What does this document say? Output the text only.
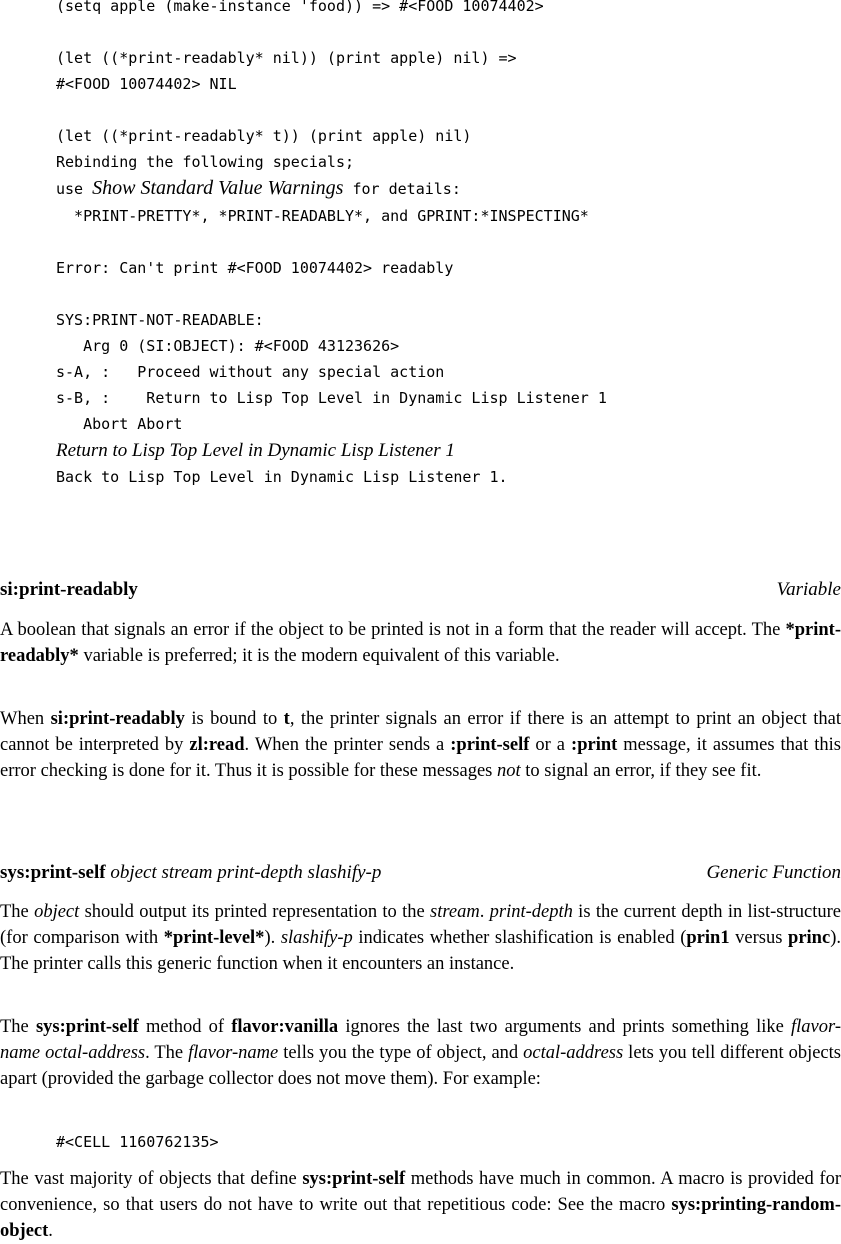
(setq apple (make-instance 'food)) => #<FOOD 10074402>
(let ((*print-readably* nil)) (print apple) nil) =>
#<FOOD 10074402> NIL
(let ((*print-readably* t)) (print apple) nil)
Rebinding the following specials;
use Show Standard Value Warnings for details:
*PRINT-PRETTY*, *PRINT-READABLY*, and GPRINT:*INSPECTING*
Error: Can't print #<FOOD 10074402> readably
SYS:PRINT-NOT-READABLE:
Arg 0 (SI:OBJECT): #<FOOD 43123626>
s-A, :   Proceed without any special action
s-B, :    Return to Lisp Top Level in Dynamic Lisp Listener 1
Abort Abort
Return to Lisp Top Level in Dynamic Lisp Listener 1
Back to Lisp Top Level in Dynamic Lisp Listener 1.
si:print-readably	Variable
A boolean that signals an error if the object to be printed is not in a form that the reader will accept. The *print-readably* variable is preferred; it is the modern equivalent of this variable.
When si:print-readably is bound to t, the printer signals an error if there is an attempt to print an object that cannot be interpreted by zl:read. When the printer sends a :print-self or a :print message, it assumes that this error checking is done for it. Thus it is possible for these messages not to signal an error, if they see fit.
sys:print-self object stream print-depth slashify-p	Generic Function
The object should output its printed representation to the stream. print-depth is the current depth in list-structure (for comparison with *print-level*). slashify-p indicates whether slashification is enabled (prin1 versus princ). The printer calls this generic function when it encounters an instance.
The sys:print-self method of flavor:vanilla ignores the last two arguments and prints something like flavor-name octal-address. The flavor-name tells you the type of object, and octal-address lets you tell different objects apart (provided the garbage collector does not move them). For example:
#<CELL 1160762135>
The vast majority of objects that define sys:print-self methods have much in common. A macro is provided for convenience, so that users do not have to write out that repetitious code: See the macro sys:printing-random-object.
